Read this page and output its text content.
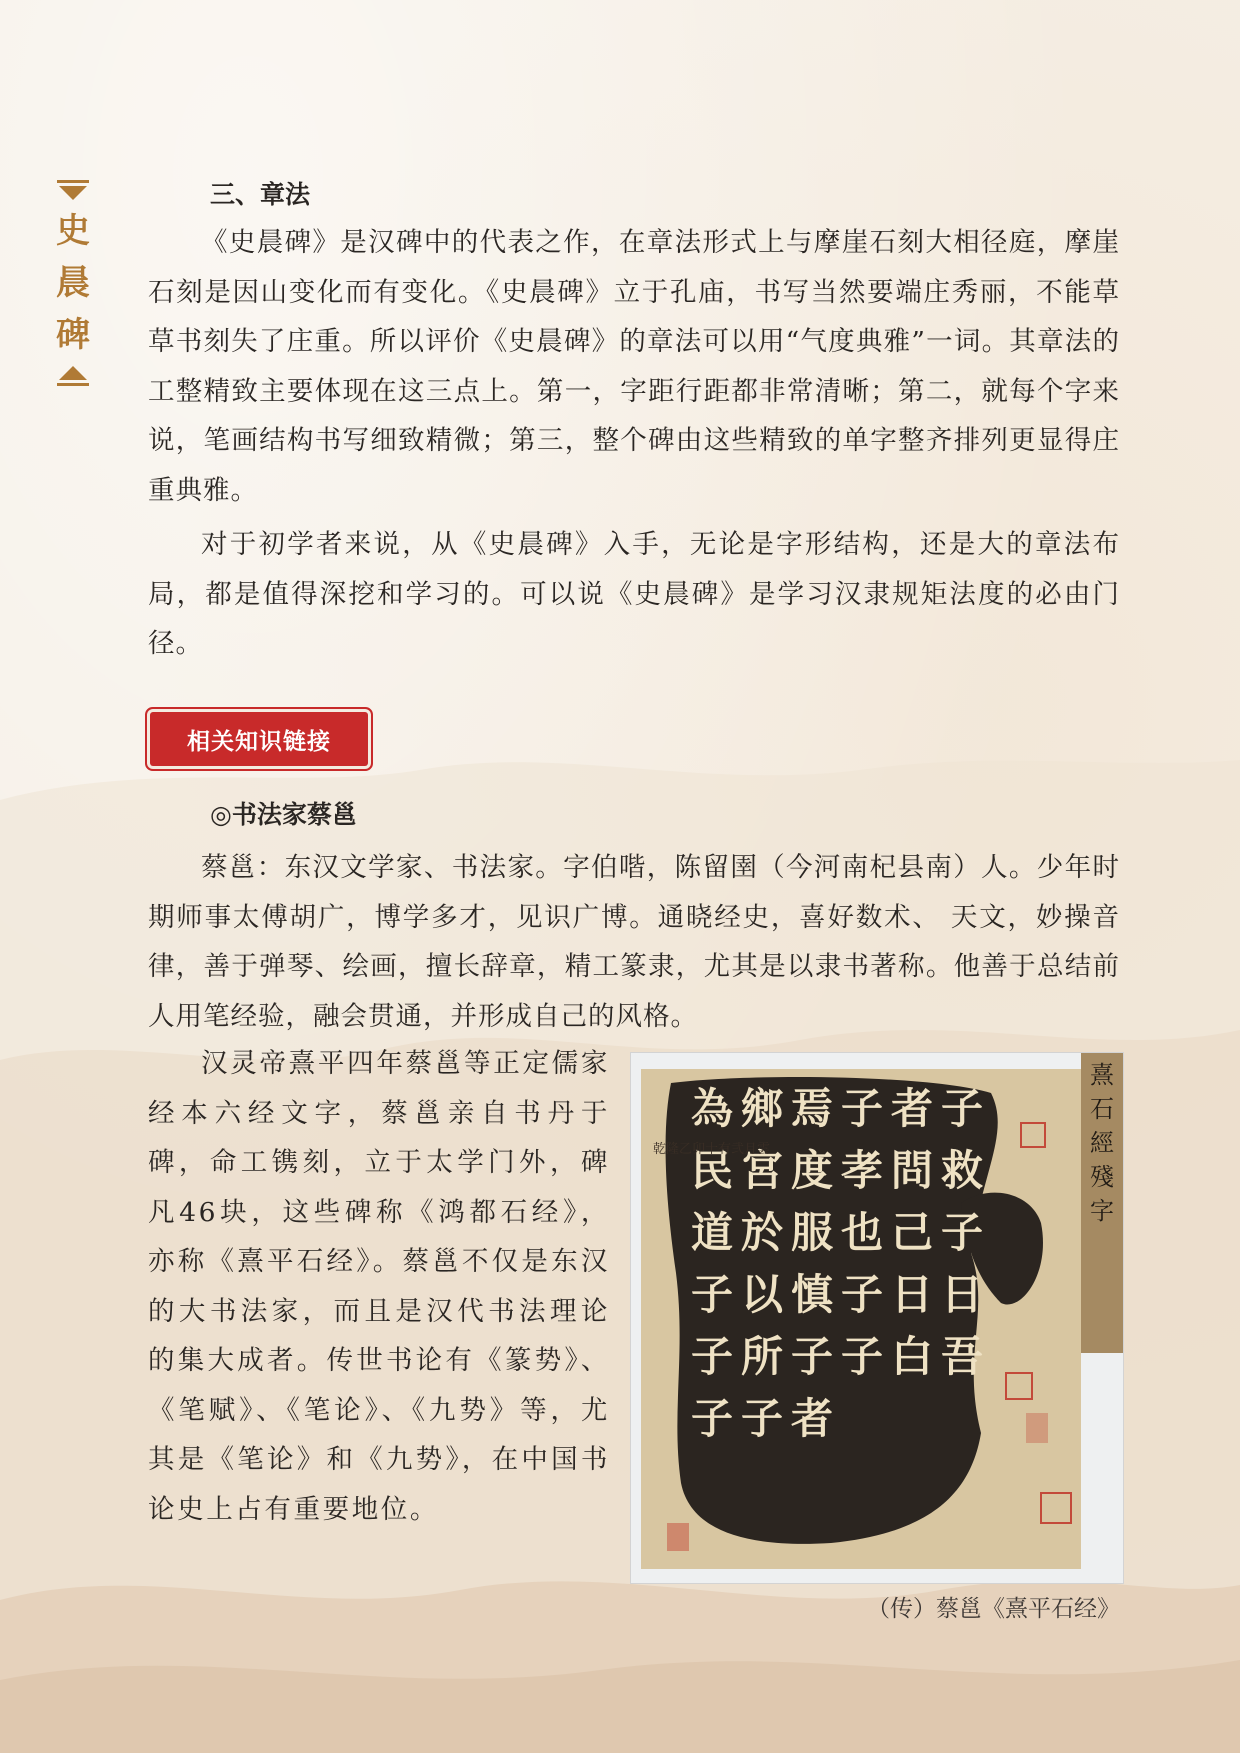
史
晨
碑
三、章法

《史晨碑》是汉碑中的代表之作，在章法形式上与摩崖石刻大相径庭，摩崖石刻是因山变化而有变化。《史晨碑》立于孔庙，书写当然要端庄秀丽，不能草草书刻失了庄重。所以评价《史晨碑》的章法可以用“气度典雅”一词。其章法的工整精致主要体现在这三点上。第一，字距行距都非常清晰；第二，就每个字来说，笔画结构书写细致精微；第三，整个碑由这些精致的单字整齐排列更显得庄重典雅。

对于初学者来说，从《史晨碑》入手，无论是字形结构，还是大的章法布局，都是值得深挖和学习的。可以说《史晨碑》是学习汉隶规矩法度的必由门径。

相关知识链接
◎书法家蔡邕

蔡邕：东汉文学家、书法家。字伯喈，陈留圉（今河南杞县南）人。少年时期师事太傅胡广，博学多才，见识广博。通晓经史，喜好数术、 天文，妙操音律，善于弹琴、绘画，擅长辞章，精工篆隶，尤其是以隶书著称。他善于总结前人用笔经验，融会贯通，并形成自己的风格。

汉灵帝熹平四年蔡邕等正定儒家经本六经文字，蔡邕亲自书丹于碑，命工镌刻，立于太学门外，碑凡46块，这些碑称《鸿都石经》，亦称《熹平石经》。蔡邕不仅是东汉的大书法家，而且是汉代书法理论的集大成者。传世书论有《篆势》、《笔赋》、《笔论》、《九势》等，尤其是《笔论》和《九势》，在中国书论史上占有重要地位。

為 鄉 焉 子 者 子
民 宮 度 孝 問 救
道 於 服 也 己 子
子 以 慎 子 日 日
子 所 子 子 白 吾
子 子 者
乾隆乙卯十有弐月雲
熹石經殘字
（传）蔡邕《熹平石经》
